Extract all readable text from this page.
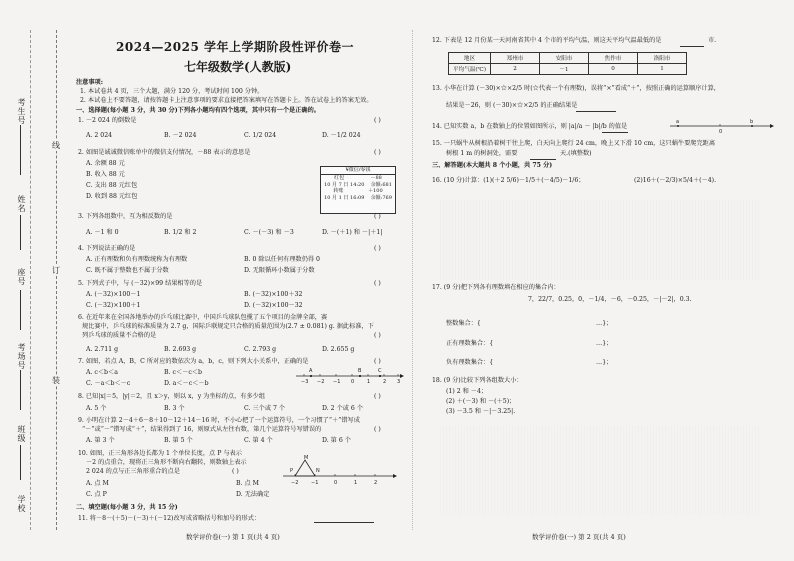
考生号
姓名
座号
考场号
班级
学校
线
订
装
2024—2025 学年上学期阶段性评价卷一
七年级数学(人教版)
注意事项:
1. 本试卷共 4 页，三个大题，满分 120 分，考试时间 100 分钟。
2. 本试卷上不要答题，请按答题卡上注意事项的要求直接把答案填写在答题卡上。答在试卷上的答案无效。
一、选择题(每小题 3 分，共 30 分)下列各小题均有四个选项，其中只有一个是正确的。
1. －2 024 的倒数是	( )
A. 2 024	B. －2 024	C. 1/2 024	D. －1/2 024
2. 如图是诚诚微信账单中的微信支付情况，－88 表示的意思是	( )
A. 余额 88 元
B. 收入 88 元
C. 支出 88 元红包
D. 收到 88 元红包
¥微信/零钱
红包	－88
10 月 7 日 14:20 余额:681
转账	＋100
10 月 1 日 16:09 余额:769
3. 下列各组数中，互为相反数的是	( )
A. －1 和 0	B. 1/2 和 2	C. －(－3) 和 －3	D. －(＋1) 和 －|＋1|
4. 下列说法正确的是	( )
A. 正有理数和负有理数统称为有理数	B. 0 除以任何有理数仍得 0
C. 既不属于整数也不属于分数	D. 无限循环小数属于分数
5. 下列式子中，与 (－32)×99 结果相等的是	( )
A. (－32)×100－1	B. (－32)×100＋32
C. (－32)×100＋1	D. (－32)×100－32
6. 在近年来在全国各地举办的乒乓球比赛中，中国乒乓球队包揽了五个项目的金牌全部，赛
规比赛中，乒乓球的标准质量为 2.7 g，国际乒联规定只合格的质量范围为(2.7 ± 0.081) g. 据此标准，下
列乒乓球的质量不合格的是	( )
A. 2.711 g	B. 2.693 g	C. 2.793 g	D. 2.655 g
7. 如图，若点 A，B，C 所对应的数依次为 a，b，c，则下列大小关系中，正确的是	( )
A. c＜b＜a	B. c＜－c＜b
C. －a＜b＜－c	D. a＜－c＜－b	−3 −2 −1 0	1	2 3
A	B	C
8. 已知|x|＝5，|y|＝2，且 x＞y，则以 x，y 为坐标的点，有多少组	( )
A. 5 个	B. 3 个	C. 三个或 7 个	D. 2 个或 6 个
9. 小明在计算 2－4＋6－8＋10－12＋14－16 时，不小心把了一个运算符号，一个习惯了“＋”错写成
“－”或“－”错写成“＋”，结果得到了 16，则原式从左往右数，第几个运算符号写错误的	( )
A. 第 3 个	B. 第 5 个	C. 第 4 个	D. 第 6 个
10. 如图，正三角形各边长都为 1 个单位长度，点 P 与表示
－2 的点重合，现将正三角形不断向右翻转，则数轴上表示
2 024 的点与正三角形重合的点是	( )
A. 点 M	B. 点 M
C. 点 P	D. 无法确定
P
M
N
−2	−1	0	1	2
二、填空题(每小题 3 分，共 15 分)
11. 将－8－(＋5)－(－3)＋(－12)改写成省略括号和加号的形式：
数学评价卷(一) 第 1 页(共 4 页)
12. 下表是 12 月份某一天河南省其中 4 个市的平均气温，则这天平均气温最低的是	市.
地区	郑州市	安阳市	焦作市	洛阳市
平均气温(℃)	2	－1	0	1
13. 小华在计算 (－30)×☆×2/5 时(☆代表一个有理数)，误将“×”看成“＋”，按照正确的运算顺序计算，
结果是－26，则 (－30)×☆×2/5 的正确结果是
14. 已知实数 a，b 在数轴上的位置如图所示，则 |a|/a － |b|/b 的值是
a
0
b
15. 一只蜗牛从树根沿着树干往上爬，白天向上爬行 24 cm，晚上又下滑 10 cm，这只蜗牛要爬完距离
树根 1 m 的树洞处，需要	天.(填整数)
三、解答题(本大题共 8 个小题，共 75 分)
16. (10 分)计算：(1)(＋2 5/6)－1/5＋(－4/5)－1/6；	(2)16＋(－2/3)×5/4＋(－4).
17. (9 分)把下列各有理数填在相应的集合内：
7，22/7，0.25，0，－1/4，－6，－0.25，－|－2|，0.3.
整数集合：{	…}；
正有理数集合：{	…}；
负有理数集合：{	…}；
18. (9 分)比较下列各组数大小：
(1) 2 和 －4；
(2) ＋(－3) 和 －(＋5)；
(3) －3.5 和 －|－3.25|.
数学评价卷(一) 第 2 页(共 4 页)
